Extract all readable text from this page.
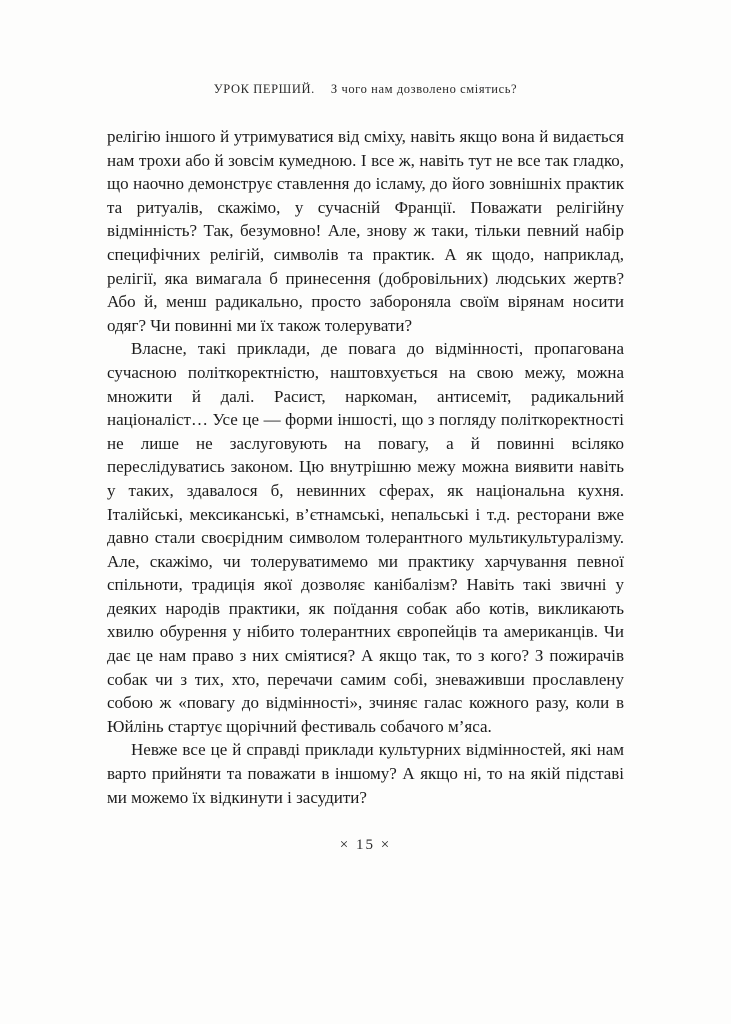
УРОК ПЕРШИЙ. З чого нам дозволено сміятись?

релігію іншого й утримуватися від сміху, навіть якщо вона й видається нам трохи або й зовсім кумедною. І все ж, навіть тут не все так гладко, що наочно демонструє ставлення до ісламу, до його зовнішніх практик та ритуалів, скажімо, у сучасній Франції. Поважати релігійну відмінність? Так, безумовно! Але, знову ж таки, тільки певний набір специфічних релігій, символів та практик. А як щодо, наприклад, релігії, яка вимагала б принесення (добровільних) людських жертв? Або й, менш радикально, просто забороняла своїм вірянам носити одяг? Чи повинні ми їх також толерувати?

Власне, такі приклади, де повага до відмінності, пропагована сучасною політкоректністю, наштовхується на свою межу, можна множити й далі. Расист, наркоман, антисеміт, радикальний націоналіст… Усе це — форми іншості, що з погляду політкоректності не лише не заслуговують на повагу, а й повинні всіляко переслідуватись законом. Цю внутрішню межу можна виявити навіть у таких, здавалося б, невинних сферах, як національна кухня. Італійські, мексиканські, в’єтнамські, непальські і т.д. ресторани вже давно стали своєрідним символом толерантного мультикультуралізму. Але, скажімо, чи толеруватимемо ми практику харчування певної спільноти, традиція якої дозволяє канібалізм? Навіть такі звичні у деяких народів практики, як поїдання собак або котів, викликають хвилю обурення у нібито толерантних європейців та американців. Чи дає це нам право з них сміятися? А якщо так, то з кого? З пожирачів собак чи з тих, хто, перечачи самим собі, зневаживши прославлену собою ж «повагу до відмінності», зчиняє галас кожного разу, коли в Юйлінь стартує щорічний фестиваль собачого м’яса.

Невже все це й справді приклади культурних відмінностей, які нам варто прийняти та поважати в іншому? А якщо ні, то на якій підставі ми можемо їх відкинути і засудити?

× 15 ×
